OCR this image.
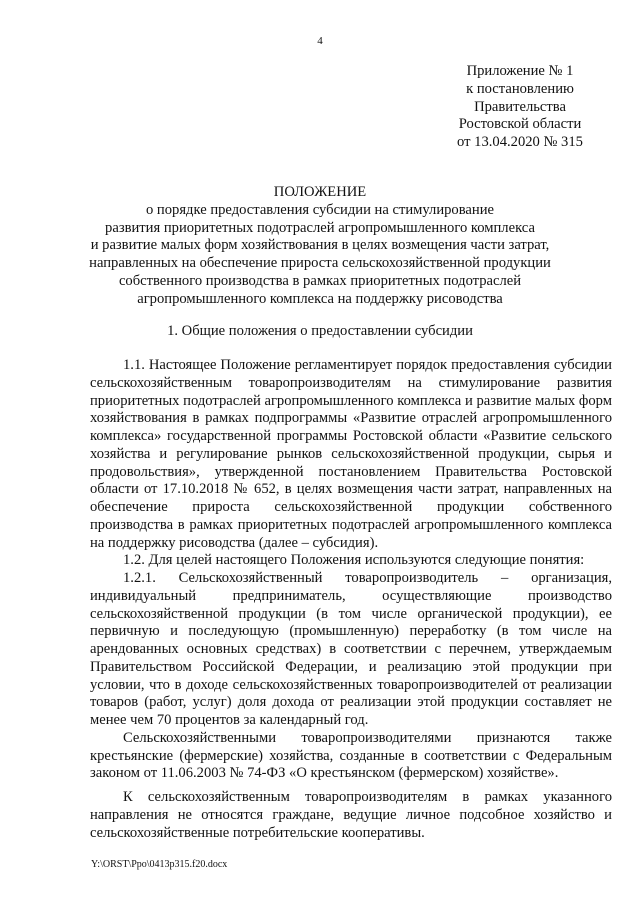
4
Приложение № 1
к постановлению
Правительства
Ростовской области
от 13.04.2020 № 315
ПОЛОЖЕНИЕ
о порядке предоставления субсидии на стимулирование
развития приоритетных подотраслей агропромышленного комплекса
и развитие малых форм хозяйствования в целях возмещения части затрат,
направленных на обеспечение прироста сельскохозяйственной продукции
собственного производства в рамках приоритетных подотраслей
агропромышленного комплекса на поддержку рисоводства
1. Общие положения о предоставлении субсидии

1.1. Настоящее Положение регламентирует порядок предоставления субсидии сельскохозяйственным товаропроизводителям на стимулирование развития приоритетных подотраслей агропромышленного комплекса и развитие малых форм хозяйствования в рамках подпрограммы «Развитие отраслей агропромышленного комплекса» государственной программы Ростовской области «Развитие сельского хозяйства и регулирование рынков сельскохозяйственной продукции, сырья и продовольствия», утвержденной постановлением Правительства Ростовской области от 17.10.2018 № 652, в целях возмещения части затрат, направленных на обеспечение прироста сельскохозяйственной продукции собственного производства в рамках приоритетных подотраслей агропромышленного комплекса на поддержку рисоводства (далее – субсидия).

1.2. Для целей настоящего Положения используются следующие понятия:

1.2.1. Сельскохозяйственный товаропроизводитель – организация, индивидуальный предприниматель, осуществляющие производство сельскохозяйственной продукции (в том числе органической продукции), ее первичную и последующую (промышленную) переработку (в том числе на арендованных основных средствах) в соответствии с перечнем, утверждаемым Правительством Российской Федерации, и реализацию этой продукции при условии, что в доходе сельскохозяйственных товаропроизводителей от реализации товаров (работ, услуг) доля дохода от реализации этой продукции составляет не менее чем 70 процентов за календарный год.

Сельскохозяйственными товаропроизводителями признаются также крестьянские (фермерские) хозяйства, созданные в соответствии с Федеральным законом от 11.06.2003 № 74-ФЗ «О крестьянском (фермерском) хозяйстве».

К сельскохозяйственным товаропроизводителям в рамках указанного направления не относятся граждане, ведущие личное подсобное хозяйство и сельскохозяйственные потребительские кооперативы.

Y:\ORST\Ppo\0413p315.f20.docx
